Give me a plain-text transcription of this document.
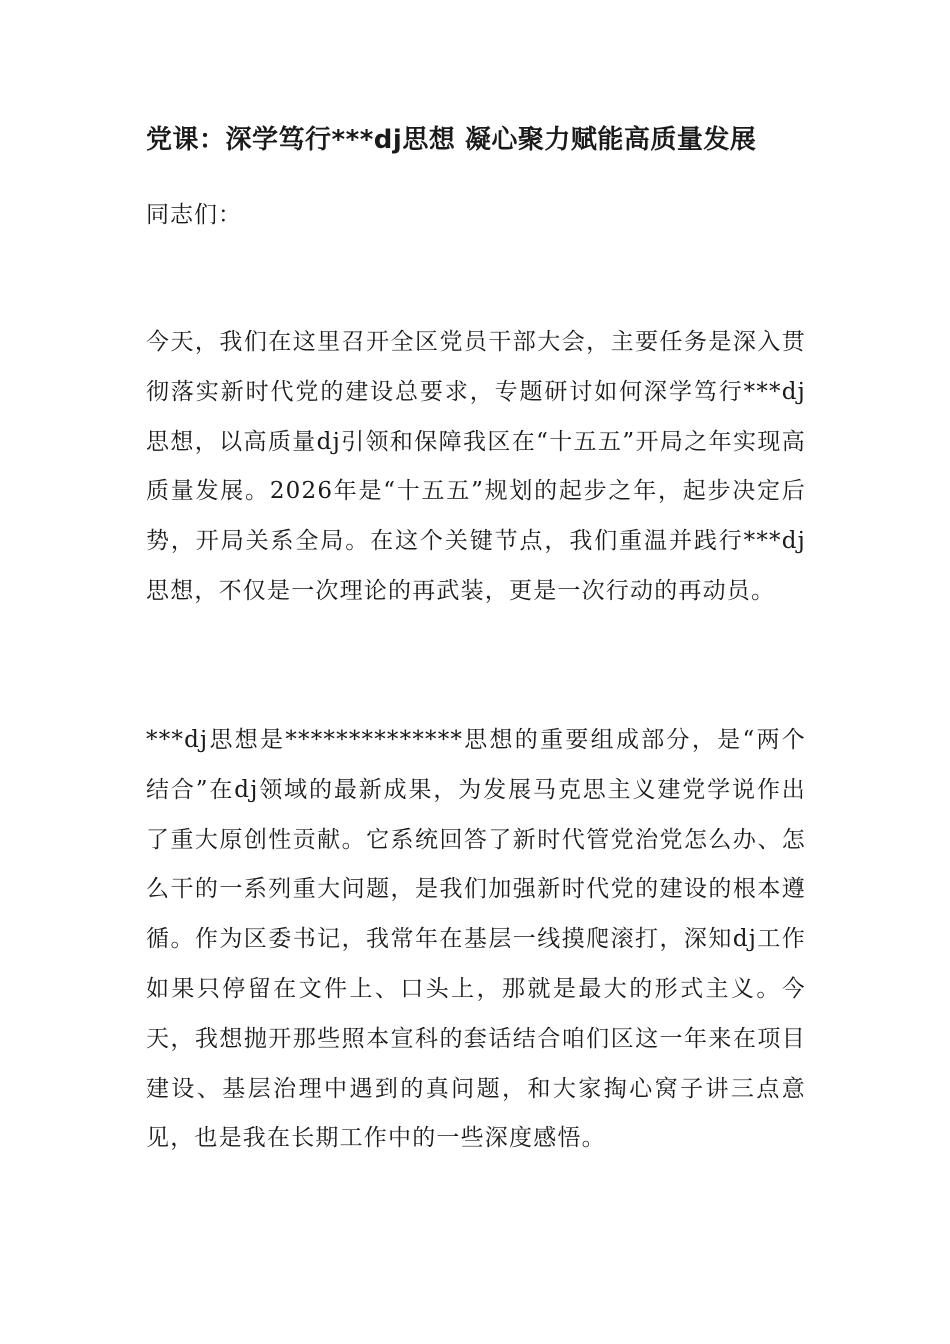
党课：深学笃行***dj思想 凝心聚力赋能高质量发展

同志们：

今天，我们在这里召开全区党员干部大会，主要任务是深入贯彻落实新时代党的建设总要求，专题研讨如何深学笃行***dj思想，以高质量dj引领和保障我区在“十五五”开局之年实现高质量发展。2026年是“十五五”规划的起步之年，起步决定后势，开局关系全局。在这个关键节点，我们重温并践行***dj思想，不仅是一次理论的再武装，更是一次行动的再动员。

***dj思想是**************思想的重要组成部分，是“两个结合”在dj领域的最新成果，为发展马克思主义建党学说作出了重大原创性贡献。它系统回答了新时代管党治党怎么办、怎么干的一系列重大问题，是我们加强新时代党的建设的根本遵循。作为区委书记，我常年在基层一线摸爬滚打，深知dj工作如果只停留在文件上、口头上，那就是最大的形式主义。今天，我想抛开那些照本宣科的套话结合咱们区这一年来在项目建设、基层治理中遇到的真问题，和大家掏心窝子讲三点意见，也是我在长期工作中的一些深度感悟。
